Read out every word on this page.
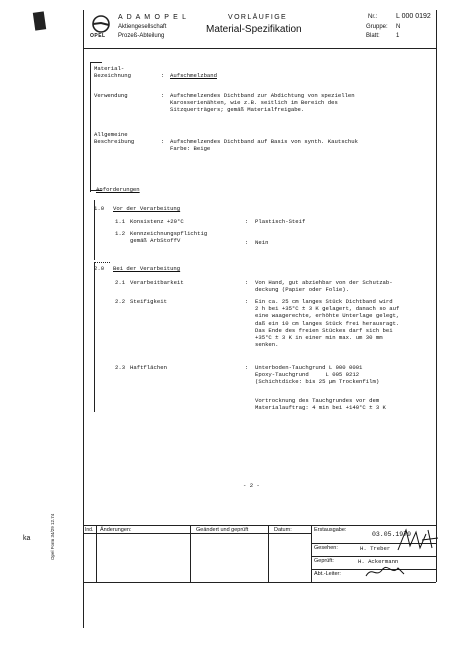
OPEL
A D A M O P E L
Aktiengesellschaft
Prozeß-Abteilung
VORLÄUFIGE
Material-Spezifikation
Nr.:	L 000 0192
Gruppe: N
Blatt:	1
Material-
Bezeichnung	: Aufschmelzband
Verwendung	: Aufschmelzendes Dichtband zur Abdichtung von speziellen
Karosserienähten, wie z.B. seitlich im Bereich des
Sitzquerträgers; gemäß Materialfreigabe.
Allgemeine
Beschreibung	: Aufschmelzendes Dichtband auf Basis von synth. Kautschuk
Farbe: Beige
Anforderungen
1.0 Vor der Verarbeitung
1.1 Konsistenz +20°C	: Plastisch-Steif
1.2 Kennzeichnungspflichtig
gemäß ArbStoffV	: Nein
2.0 Bei der Verarbeitung
2.1 Verarbeitbarkeit	: Von Hand, gut abziehbar von der Schutzab-
deckung (Papier oder Folie).
2.2 Steifigkeit	: Ein ca. 25 cm langes Stück Dichtband wird
2 h bei +35°C ± 3 K gelagert, danach so auf
eine waagerechte, erhöhte Unterlage gelegt,
daß ein 10 cm langes Stück frei herausragt.
Das Ende des freien Stückes darf sich bei
+35°C ± 3 K in einer min max. um 30 mm
senken.
2.3 Haftflächen	: Unterboden-Tauchgrund L 000 0001
Epoxy-Tauchgrund     L 005 0212
(Schichtdicke: bis 25 µm Trockenfilm)
Vortrocknung des Tauchgrundes vor dem
Materialauftrag: 4 min bei +140°C ± 3 K
- 2 -
Ind. Änderungen:	Geändert und geprüft	Datum:	Erstausgabe:
03.05.1979
Gesehen:	H. Treber
Geprüft:	H. Ackermann
Abt.-Leiter:
Opel Form 34/29 12.74
ka
